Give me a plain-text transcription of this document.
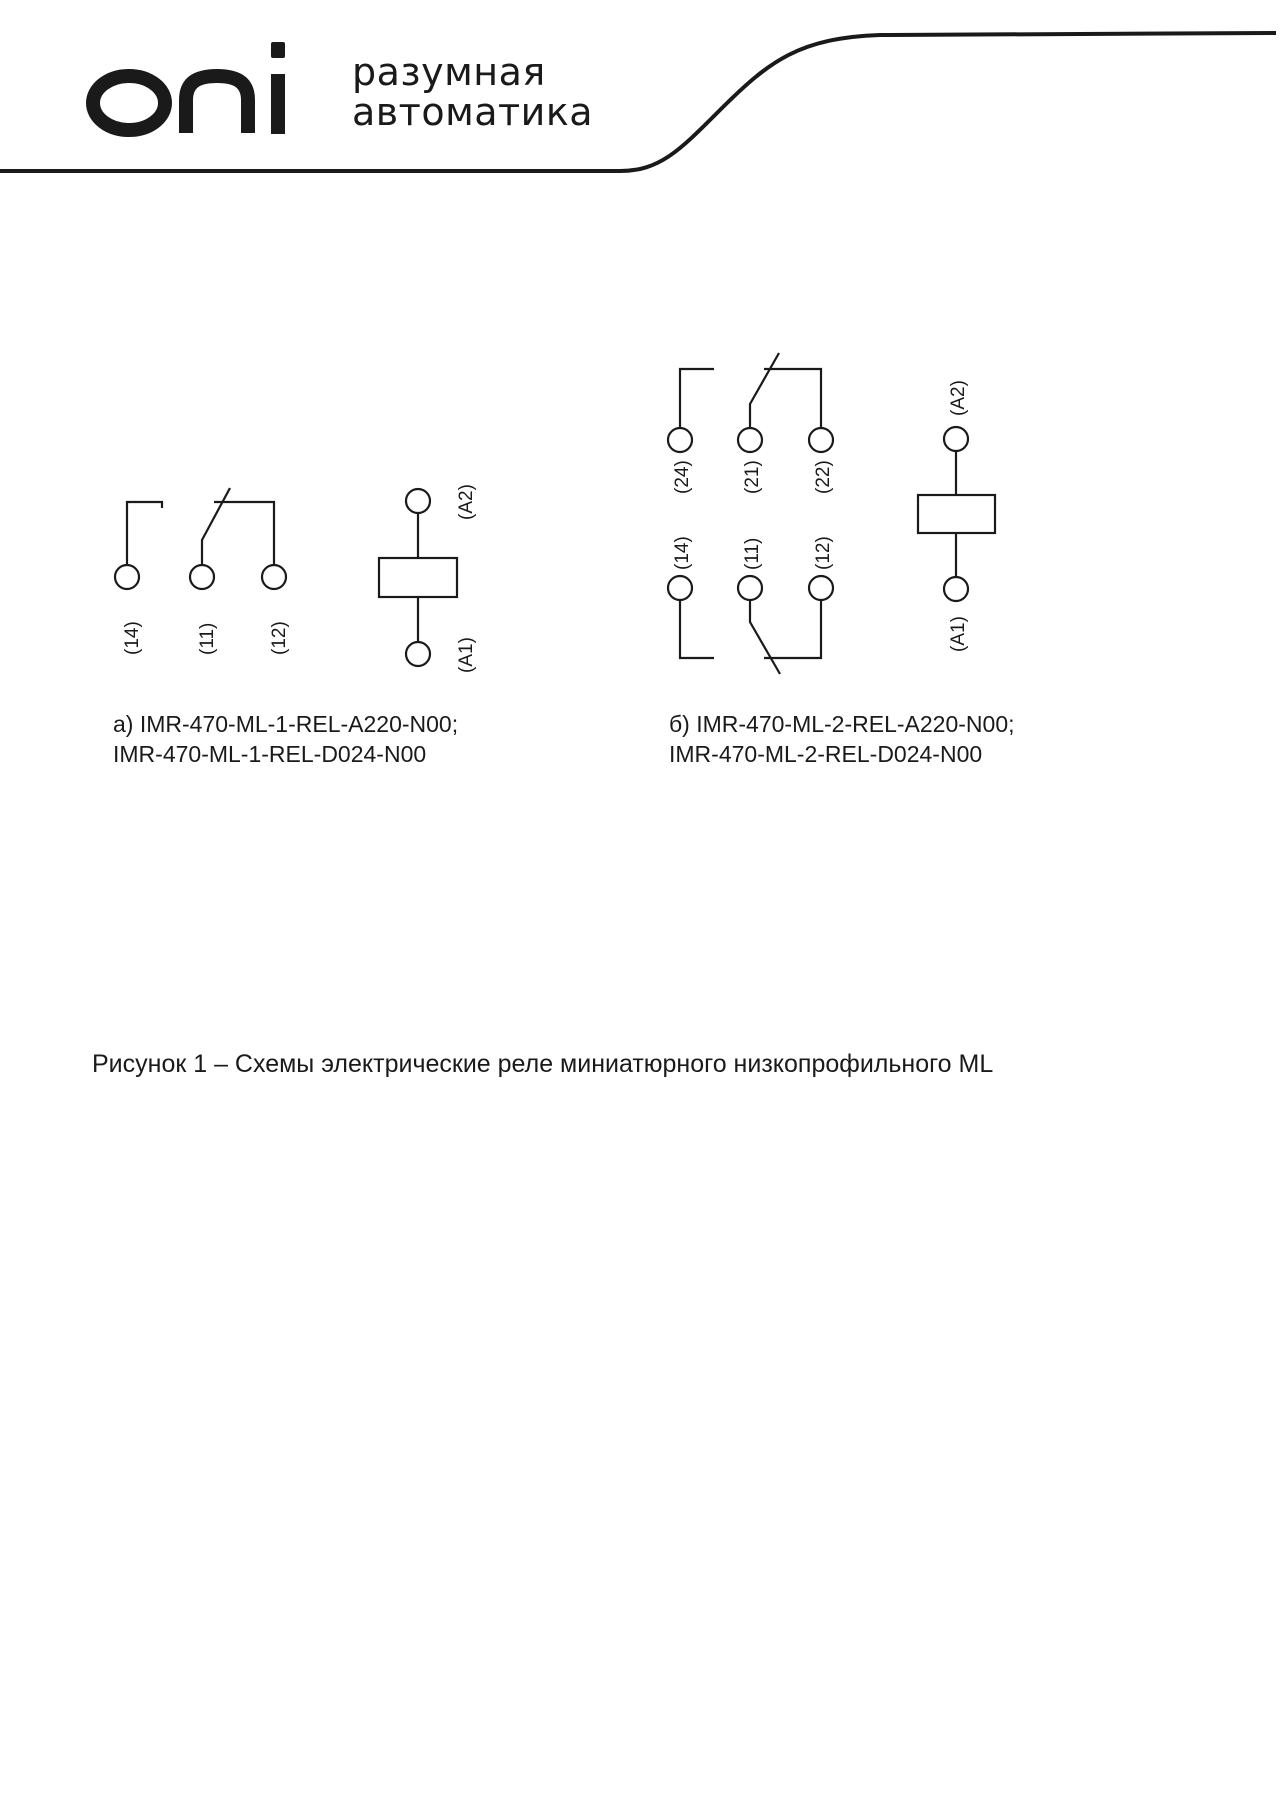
разумная
автоматика
(14)	(11)	(12)
(A2)
(A1)
(24)	(21)	(22)
(14)	(11)	(12)
(A2)
(A1)
а) IMR-470-ML-1-REL-A220-N00;
IMR-470-ML-1-REL-D024-N00
б) IMR-470-ML-2-REL-A220-N00;
IMR-470-ML-2-REL-D024-N00
Рисунок 1 – Схемы электрические реле миниатюрного низкопрофильного ML
